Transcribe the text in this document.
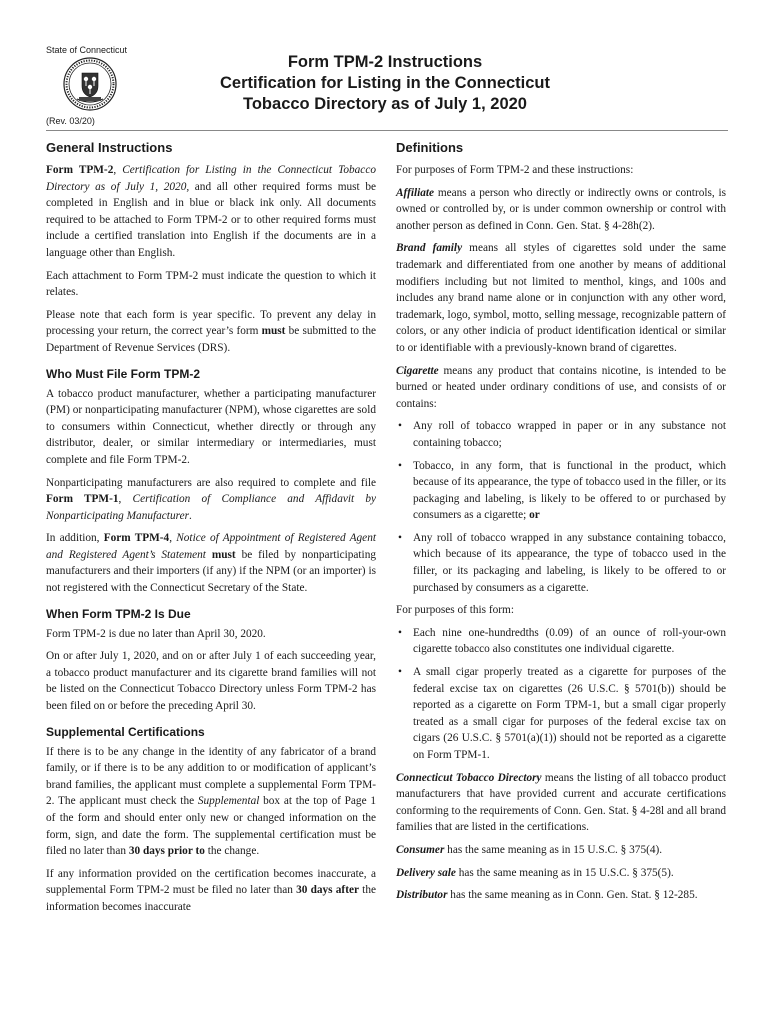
State of Connecticut
(Rev. 03/20)
Form TPM-2 Instructions
Certification for Listing in the Connecticut
Tobacco Directory as of July 1, 2020
General Instructions

Form TPM-2, Certification for Listing in the Connecticut Tobacco Directory as of July 1, 2020, and all other required forms must be completed in English and in blue or black ink only. All documents required to be attached to Form TPM-2 or to other required forms must include a certified translation into English if the documents are in a language other than English.

Each attachment to Form TPM-2 must indicate the question to which it relates.

Please note that each form is year specific. To prevent any delay in processing your return, the correct year’s form must be submitted to the Department of Revenue Services (DRS).

Who Must File Form TPM-2

A tobacco product manufacturer, whether a participating manufacturer (PM) or nonparticipating manufacturer (NPM), whose cigarettes are sold to consumers within Connecticut, whether directly or through any distributor, dealer, or similar intermediary or intermediaries, must complete and file Form TPM-2.

Nonparticipating manufacturers are also required to complete and file Form TPM-1, Certification of Compliance and Affidavit by Nonparticipating Manufacturer.

In addition, Form TPM-4, Notice of Appointment of Registered Agent and Registered Agent’s Statement must be filed by nonparticipating manufacturers and their importers (if any) if the NPM (or an importer) is not registered with the Connecticut Secretary of the State.

When Form TPM-2 Is Due

Form TPM-2 is due no later than April 30, 2020.

On or after July 1, 2020, and on or after July 1 of each succeeding year, a tobacco product manufacturer and its cigarette brand families will not be listed on the Connecticut Tobacco Directory unless Form TPM-2 has been filed on or before the preceding April 30.

Supplemental Certifications

If there is to be any change in the identity of any fabricator of a brand family, or if there is to be any addition to or modification of applicant’s brand families, the applicant must complete a supplemental Form TPM-2. The applicant must check the Supplemental box at the top of Page 1 of the form and should enter only new or changed information on the form, sign, and date the form. The supplemental certification must be filed no later than 30 days prior to the change.

If any information provided on the certification becomes inaccurate, a supplemental Form TPM-2 must be filed no later than 30 days after the information becomes inaccurate

Definitions

For purposes of Form TPM-2 and these instructions:

Affiliate means a person who directly or indirectly owns or controls, is owned or controlled by, or is under common ownership or control with another person as defined in Conn. Gen. Stat. § 4-28h(2).

Brand family means all styles of cigarettes sold under the same trademark and differentiated from one another by means of additional modifiers including but not limited to menthol, kings, and 100s and includes any brand name alone or in conjunction with any other word, trademark, logo, symbol, motto, selling message, recognizable pattern of colors, or any other indicia of product identification identical or similar to or identifiable with a previously-known brand of cigarettes.

Cigarette means any product that contains nicotine, is intended to be burned or heated under ordinary conditions of use, and consists of or contains:

• Any roll of tobacco wrapped in paper or in any substance not containing tobacco;
• Tobacco, in any form, that is functional in the product, which because of its appearance, the type of tobacco used in the filler, or its packaging and labeling, is likely to be offered to or purchased by consumers as a cigarette; or
• Any roll of tobacco wrapped in any substance containing tobacco, which because of its appearance, the type of tobacco used in the filler, or its packaging and labeling, is likely to be offered to or purchased by consumers as a cigarette.

For purposes of this form:

• Each nine one-hundredths (0.09) of an ounce of roll-your-own cigarette tobacco also constitutes one individual cigarette.
• A small cigar properly treated as a cigarette for purposes of the federal excise tax on cigarettes (26 U.S.C. § 5701(b)) should be reported as a cigarette on Form TPM-1, but a small cigar properly treated as a small cigar for purposes of the federal excise tax on cigars (26 U.S.C. § 5701(a)(1)) should not be reported as a cigarette on Form TPM-1.

Connecticut Tobacco Directory means the listing of all tobacco product manufacturers that have provided current and accurate certifications conforming to the requirements of Conn. Gen. Stat. § 4-28l and all brand families that are listed in the certifications.

Consumer has the same meaning as in 15 U.S.C. § 375(4).

Delivery sale has the same meaning as in 15 U.S.C. § 375(5).

Distributor has the same meaning as in Conn. Gen. Stat. § 12-285.
